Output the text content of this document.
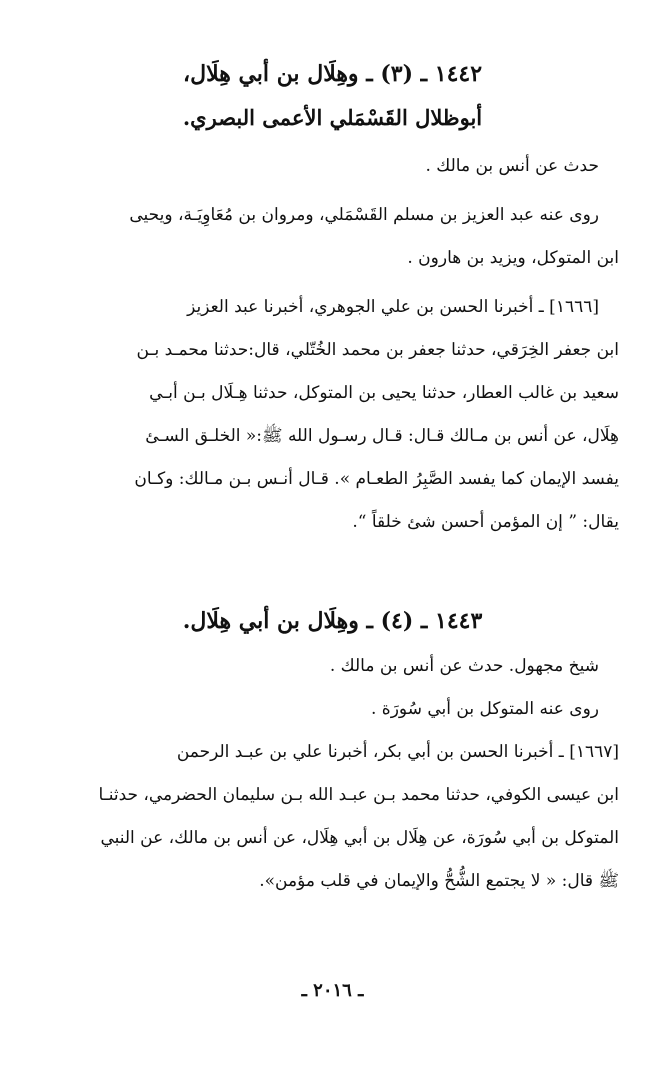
١٤٤٢ ـ (٣) ـ وهِلَال بن أبي هِلَال،
أبوظلال القَسْمَلي الأعمى البصري.

حدث عن أنس بن مالك .

روى عنه عبد العزيز بن مسلم القَسْمَلي، ومروان بن مُعَاوِيَـة، ويحيى

ابن المتوكل، ويزيد بن هارون .

[١٦٦٦] ـ أخبرنا الحسن بن علي الجوهري، أخبرنا عبد العزيز

ابن جعفر الخِرَقي، حدثنا جعفر بن محمد الخُتّلي، قال:حدثنا محمـد بـن

سعيد بن غالب العطار، حدثنا يحيى بن المتوكل، حدثنا هِـلَال بـن أبـي

هِلَال، عن أنس بن مـالك قـال: قـال رسـول الله ﷺ:« الخلـق السـئ

يفسد الإيمان كما يفسد الصَّبِرُ الطعـام ». قـال أنـس بـن مـالك: وكـان

يقال: ” إن المؤمن أحسن شئ خلقاً “.

١٤٤٣ ـ (٤) ـ وهِلَال بن أبي هِلَال.

شيخ مجهول. حدث عن أنس بن مالك .

روى عنه المتوكل بن أبي سُورَة .

[١٦٦٧] ـ أخبرنا الحسن بن أبي بكر، أخبرنا علي بن عبـد الرحمن

ابن عيسى الكوفي، حدثنا محمد بـن عبـد الله بـن سليمان الحضرمي، حدثنـا

المتوكل بن أبي سُورَة، عن هِلَال بن أبي هِلَال، عن أنس بن مالك، عن النبي

ﷺ قال: « لا يجتمع الشُّحُّ والإيمان في قلب مؤمن».

ـ ٢٠١٦ ـ
